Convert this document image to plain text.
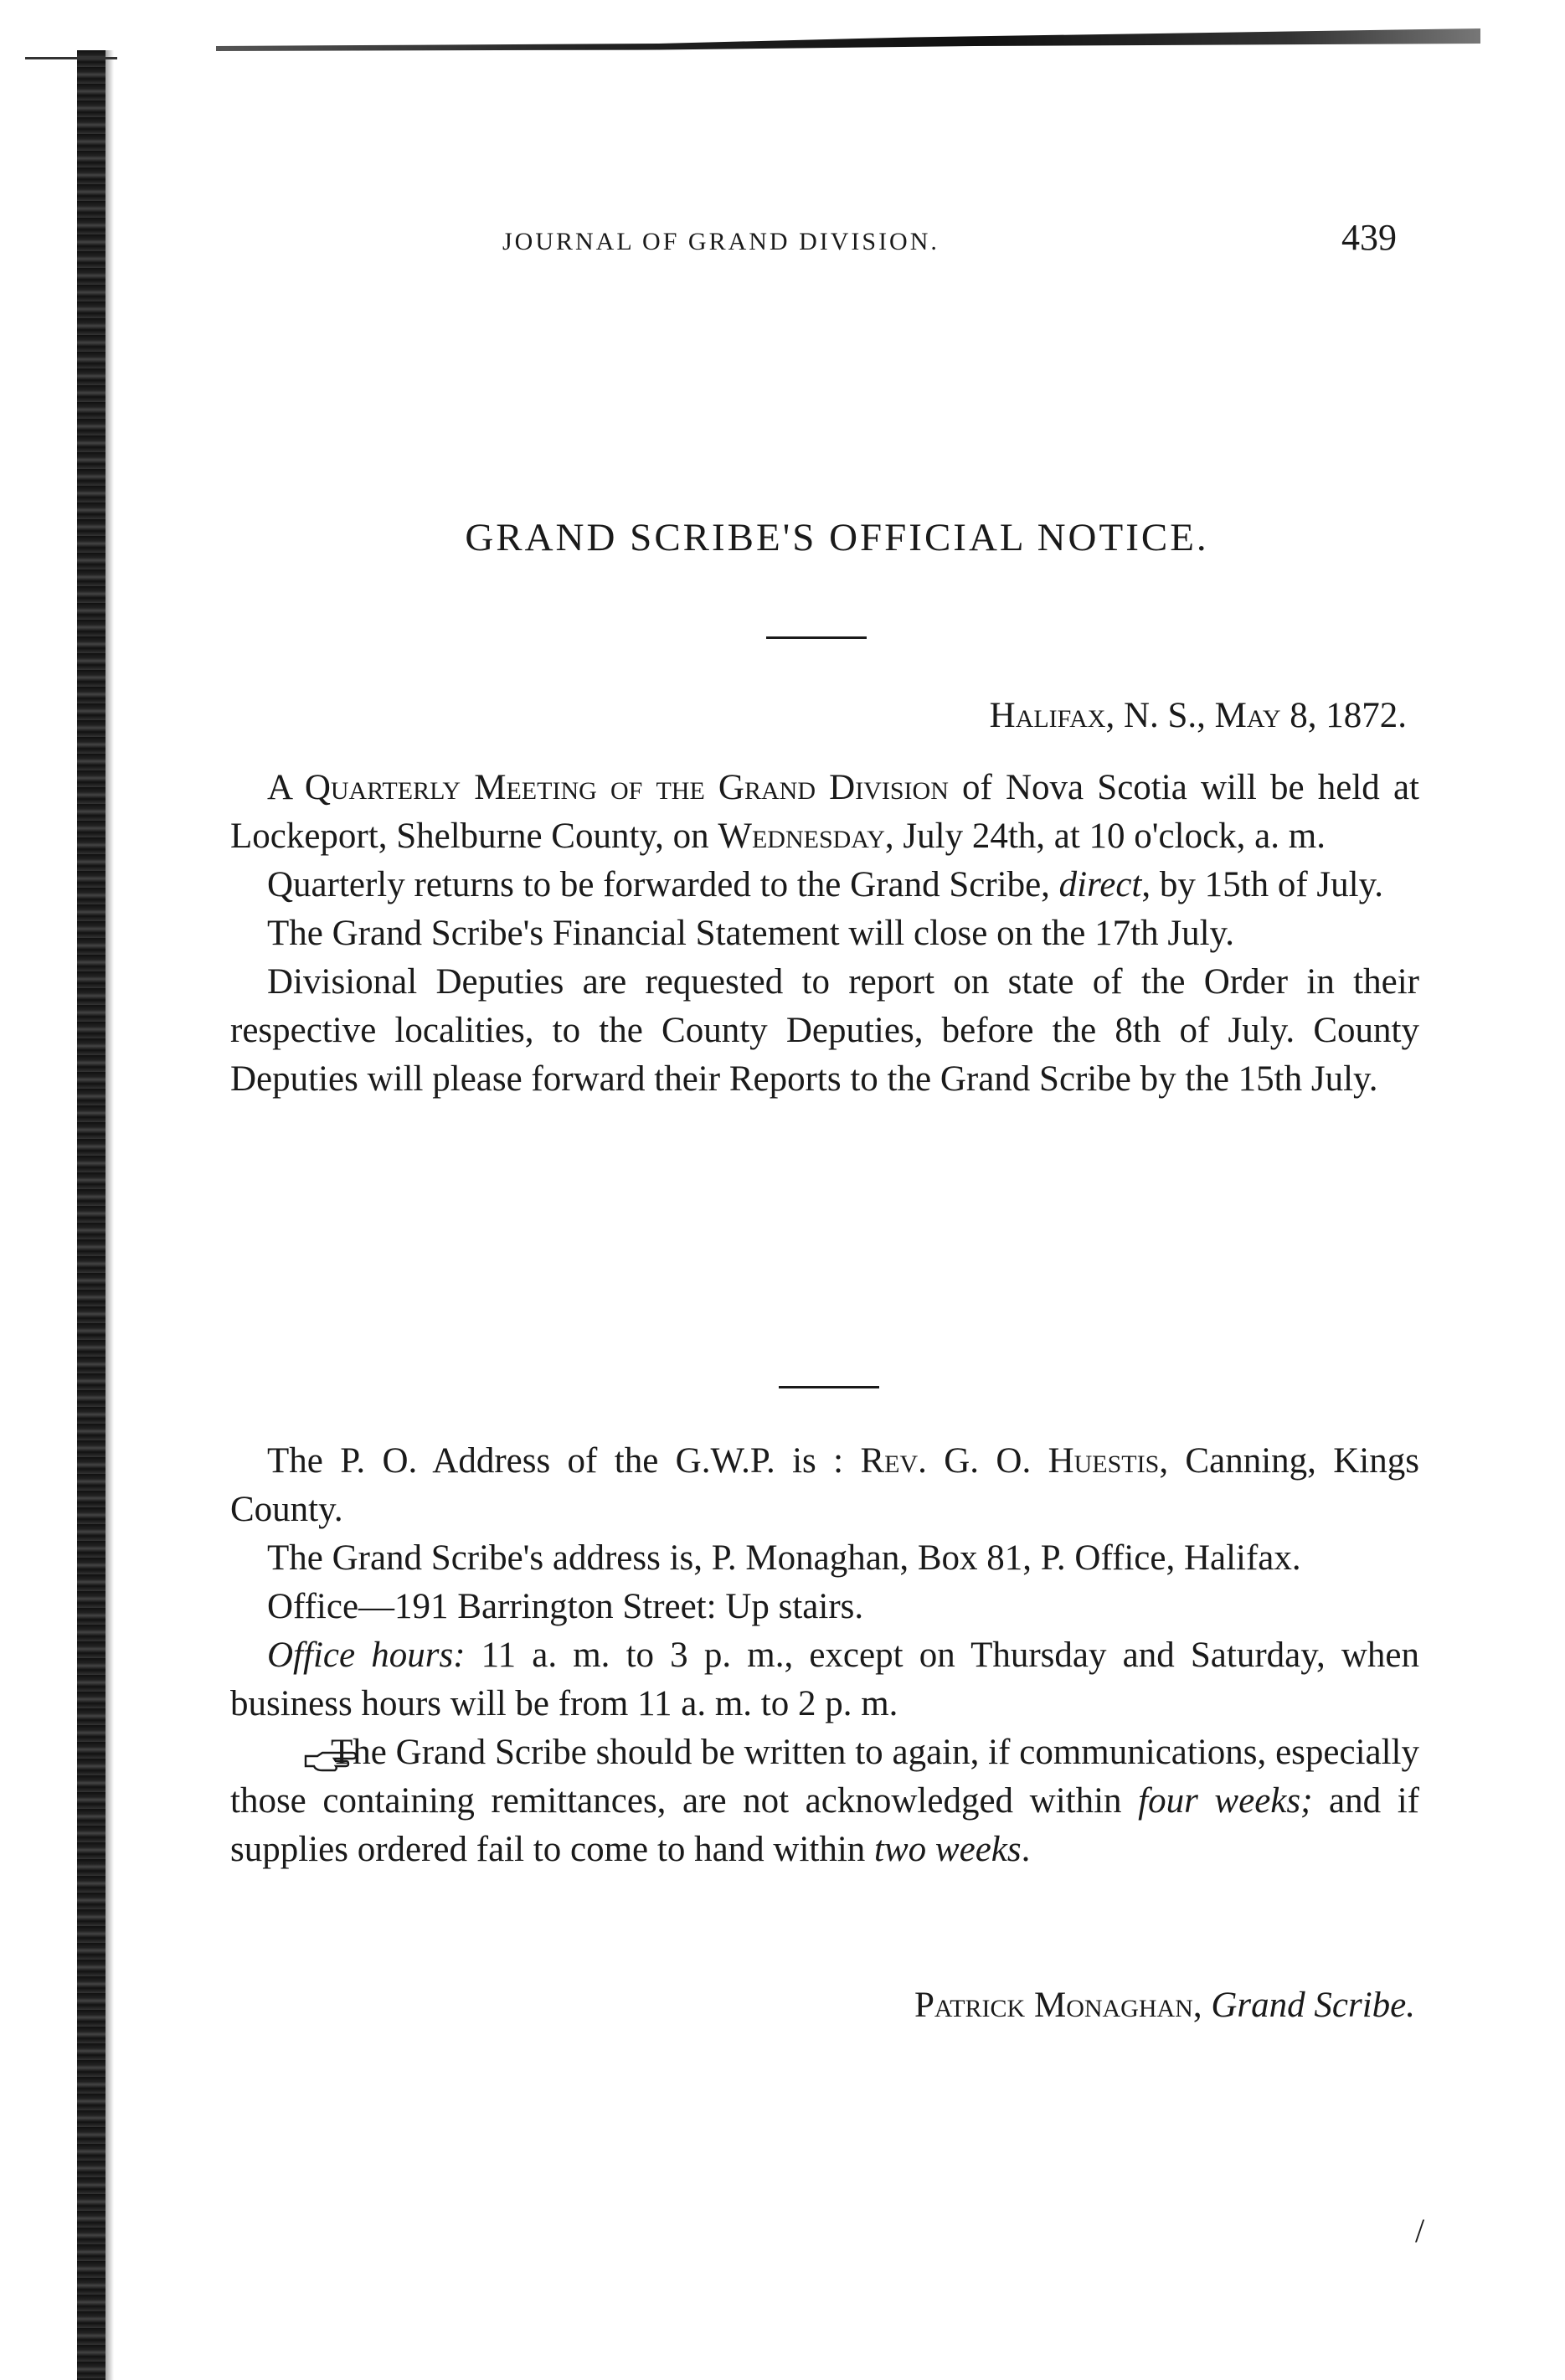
JOURNAL OF GRAND DIVISION.	439
GRAND SCRIBE'S OFFICIAL NOTICE.
Halifax, N. S., May 8, 1872.

A Quarterly Meeting of the Grand Division of Nova Scotia will be held at Lockeport, Shelburne County, on Wednesday, July 24th, at 10 o'clock, a. m.

Quarterly returns to be forwarded to the Grand Scribe, direct, by 15th of July.

The Grand Scribe's Financial Statement will close on the 17th July.

Divisional Deputies are requested to report on state of the Order in their respective localities, to the County Deputies, before the 8th of July. County Deputies will please forward their Reports to the Grand Scribe by the 15th July.

The P. O. Address of the G.W.P. is : Rev. G. O. Huestis, Canning, Kings County.

The Grand Scribe's address is, P. Monaghan, Box 81, P. Office, Halifax.

Office—191 Barrington Street: Up stairs.

Office hours: 11 a. m. to 3 p. m., except on Thursday and Saturday, when business hours will be from 11 a. m. to 2 p. m.

The Grand Scribe should be written to again, if communications, especially those containing remittances, are not acknowledged within four weeks; and if supplies ordered fail to come to hand within two weeks.

Patrick Monaghan, Grand Scribe.
/
